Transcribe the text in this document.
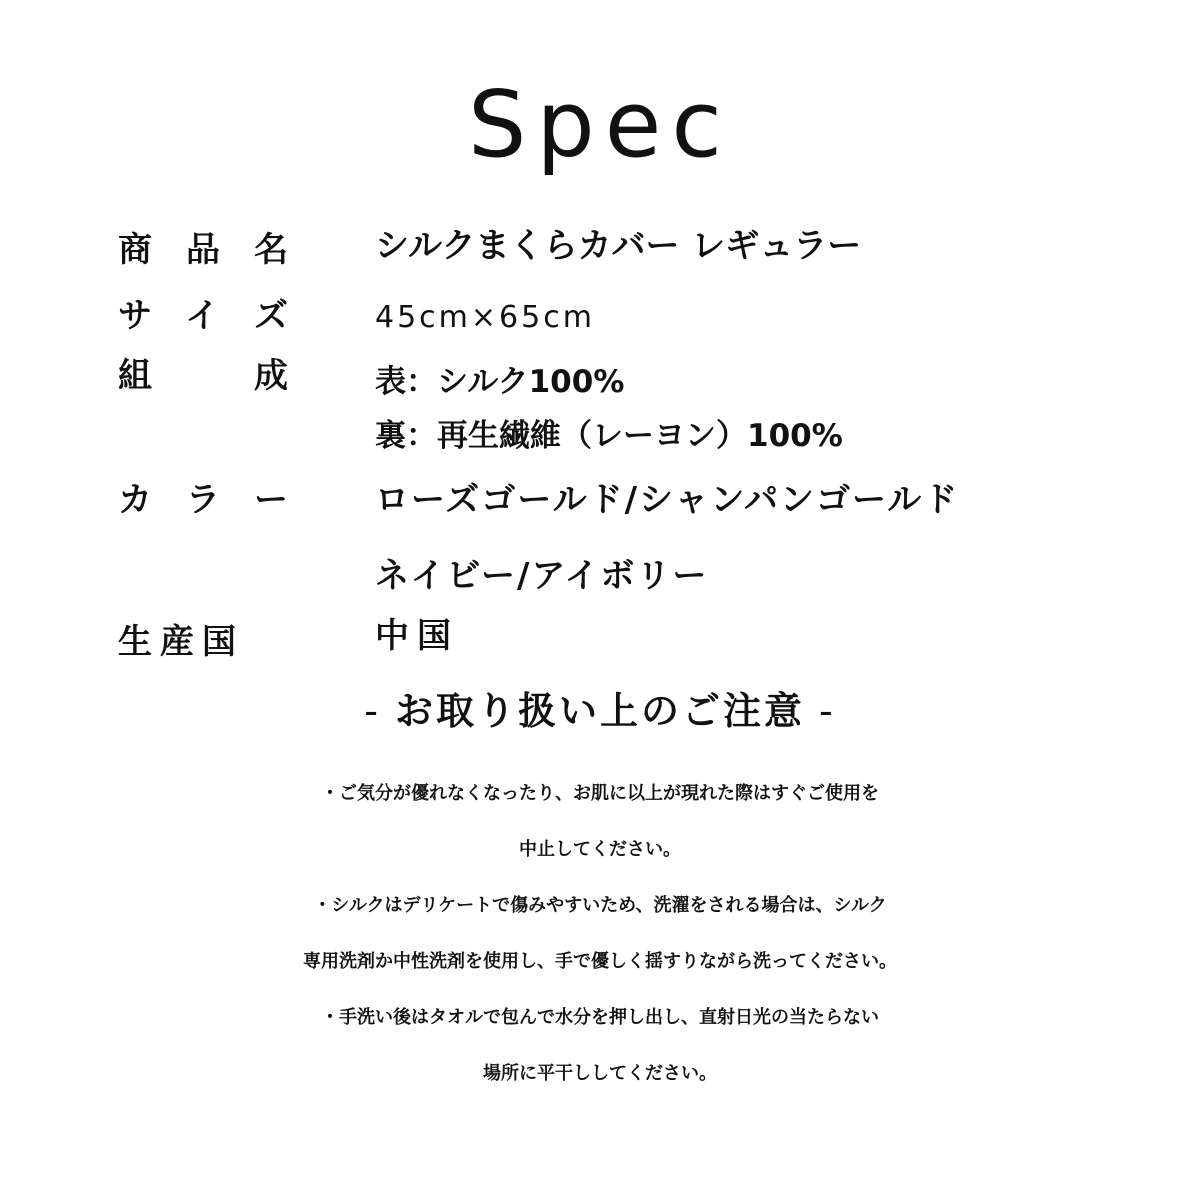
Spec
商品名	シルクまくらカバー レギュラー
サイズ	45cm×65cm
組成	表：シルク100%
裏：再生繊維（レーヨン）100%
カラー	ローズゴールド/シャンパンゴールド
ネイビー/アイボリー
生産国	中国
- お取り扱い上のご注意 -
・ご気分が優れなくなったり、お肌に以上が現れた際はすぐご使用を
中止してください。
・シルクはデリケートで傷みやすいため、洗濯をされる場合は、シルク
専用洗剤か中性洗剤を使用し、手で優しく揺すりながら洗ってください。
・手洗い後はタオルで包んで水分を押し出し、直射日光の当たらない
場所に平干ししてください。
